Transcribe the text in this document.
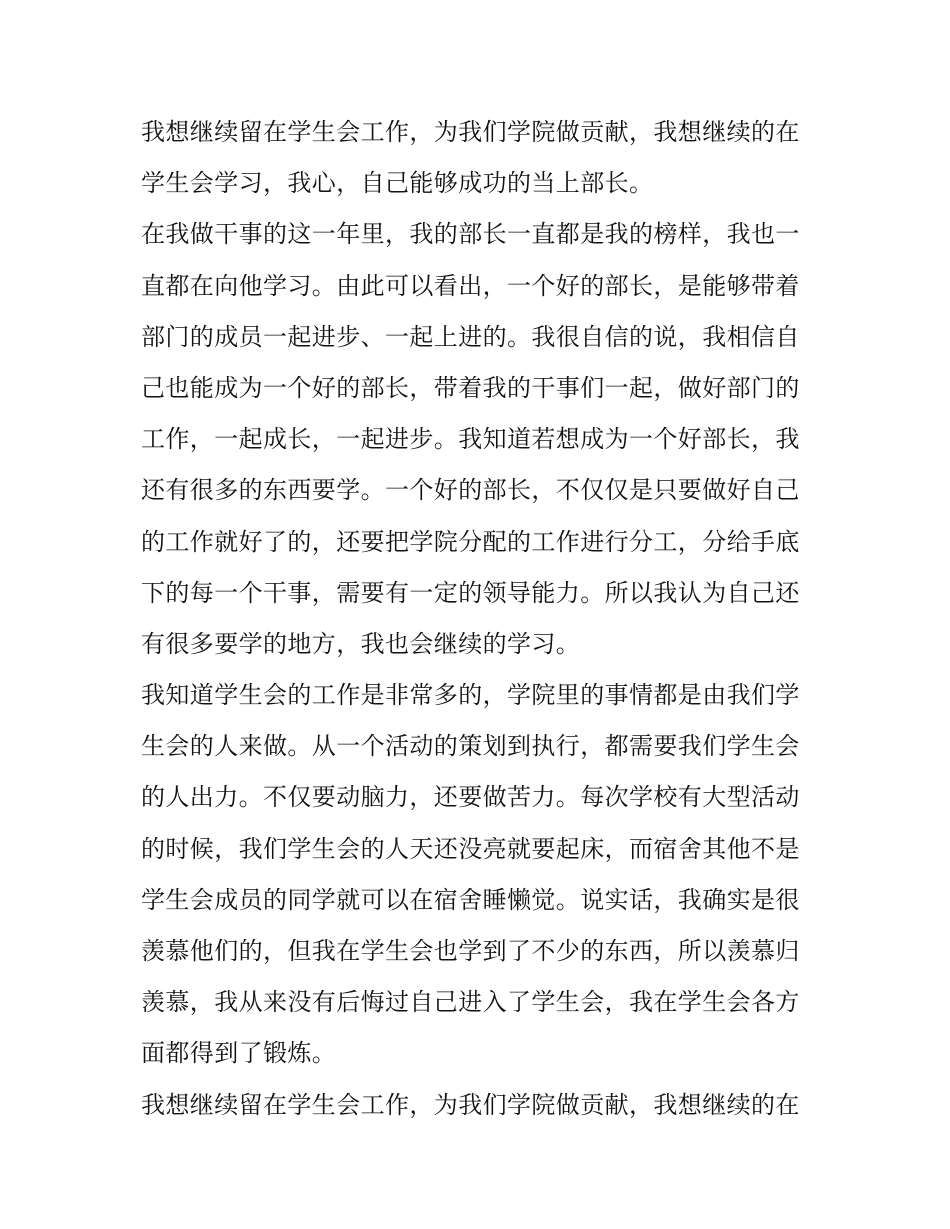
我想继续留在学生会工作，为我们学院做贡献，我想继续的在
学生会学习，我心，自己能够成功的当上部长。
在我做干事的这一年里，我的部长一直都是我的榜样，我也一
直都在向他学习。由此可以看出，一个好的部长，是能够带着
部门的成员一起进步、一起上进的。我很自信的说，我相信自
己也能成为一个好的部长，带着我的干事们一起，做好部门的
工作，一起成长，一起进步。我知道若想成为一个好部长，我
还有很多的东西要学。一个好的部长，不仅仅是只要做好自己
的工作就好了的，还要把学院分配的工作进行分工，分给手底
下的每一个干事，需要有一定的领导能力。所以我认为自己还
有很多要学的地方，我也会继续的学习。
我知道学生会的工作是非常多的，学院里的事情都是由我们学
生会的人来做。从一个活动的策划到执行，都需要我们学生会
的人出力。不仅要动脑力，还要做苦力。每次学校有大型活动
的时候，我们学生会的人天还没亮就要起床，而宿舍其他不是
学生会成员的同学就可以在宿舍睡懒觉。说实话，我确实是很
羡慕他们的，但我在学生会也学到了不少的东西，所以羡慕归
羡慕，我从来没有后悔过自己进入了学生会，我在学生会各方
面都得到了锻炼。
我想继续留在学生会工作，为我们学院做贡献，我想继续的在
